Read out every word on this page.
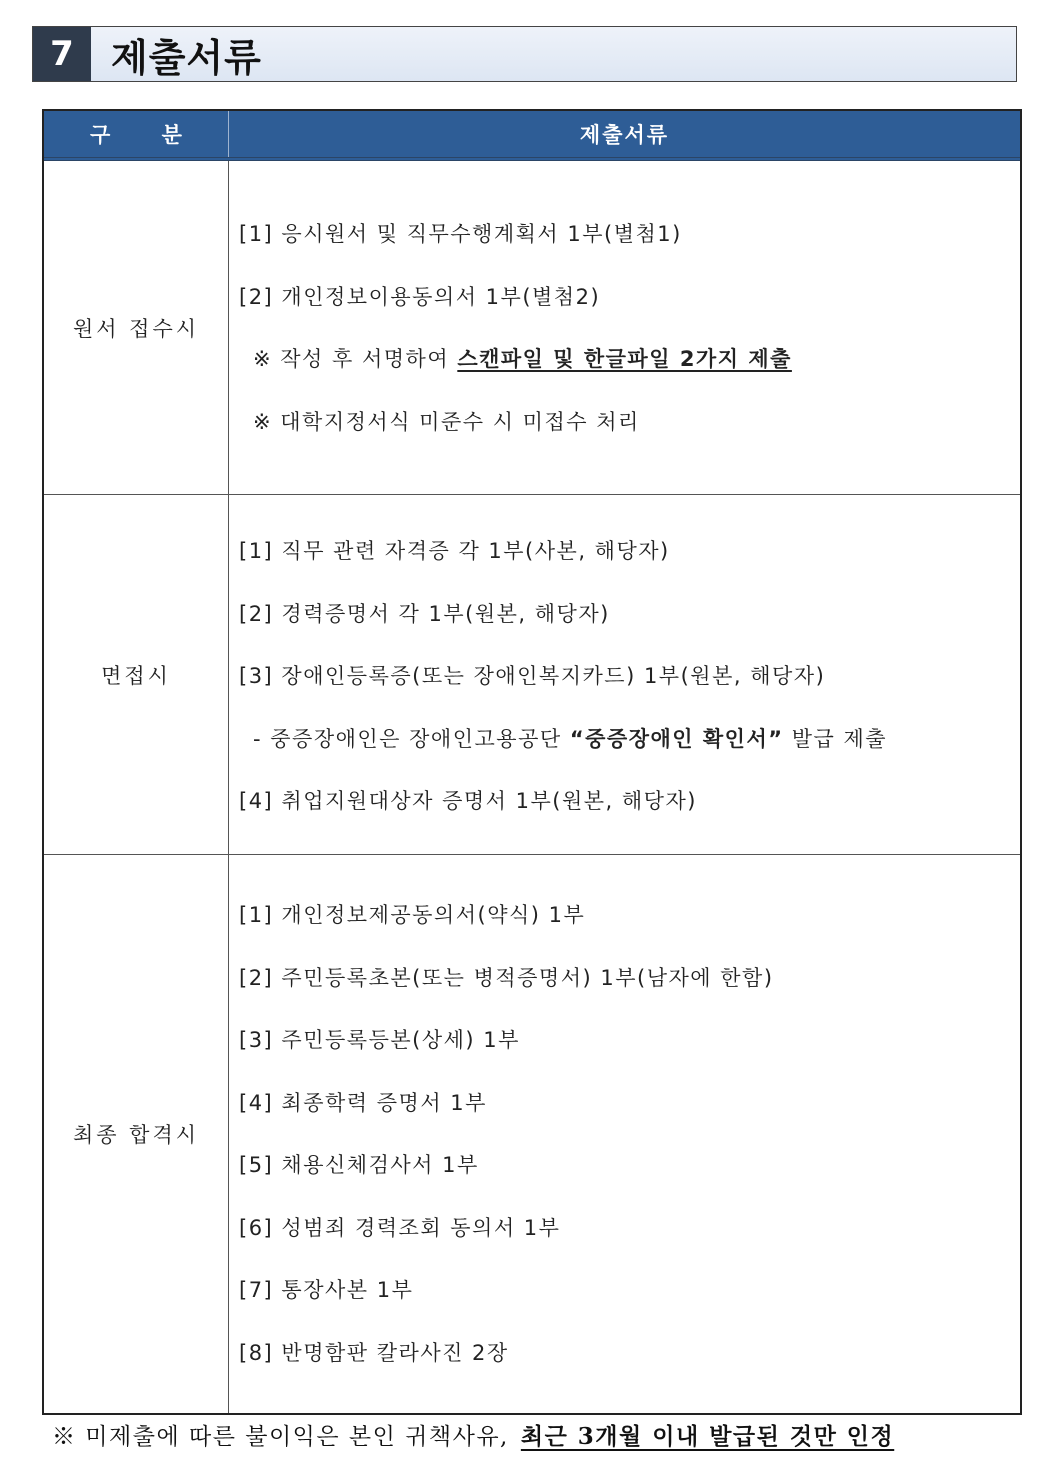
7 제출서류
구 분	제출서류
원서 접수시
[1] 응시원서 및 직무수행계획서 1부(별첨1)
[2] 개인정보이용동의서 1부(별첨2)
※ 작성 후 서명하여 스캔파일 및 한글파일 2가지 제출
※ 대학지정서식 미준수 시 미접수 처리
면접시
[1] 직무 관련 자격증 각 1부(사본, 해당자)
[2] 경력증명서 각 1부(원본, 해당자)
[3] 장애인등록증(또는 장애인복지카드) 1부(원본, 해당자)
- 중증장애인은 장애인고용공단 “중증장애인 확인서” 발급 제출
[4] 취업지원대상자 증명서 1부(원본, 해당자)
최종 합격시
[1] 개인정보제공동의서(약식) 1부
[2] 주민등록초본(또는 병적증명서) 1부(남자에 한함)
[3] 주민등록등본(상세) 1부
[4] 최종학력 증명서 1부
[5] 채용신체검사서 1부
[6] 성범죄 경력조회 동의서 1부
[7] 통장사본 1부
[8] 반명함판 칼라사진 2장
※ 미제출에 따른 불이익은 본인 귀책사유, 최근 3개월 이내 발급된 것만 인정
